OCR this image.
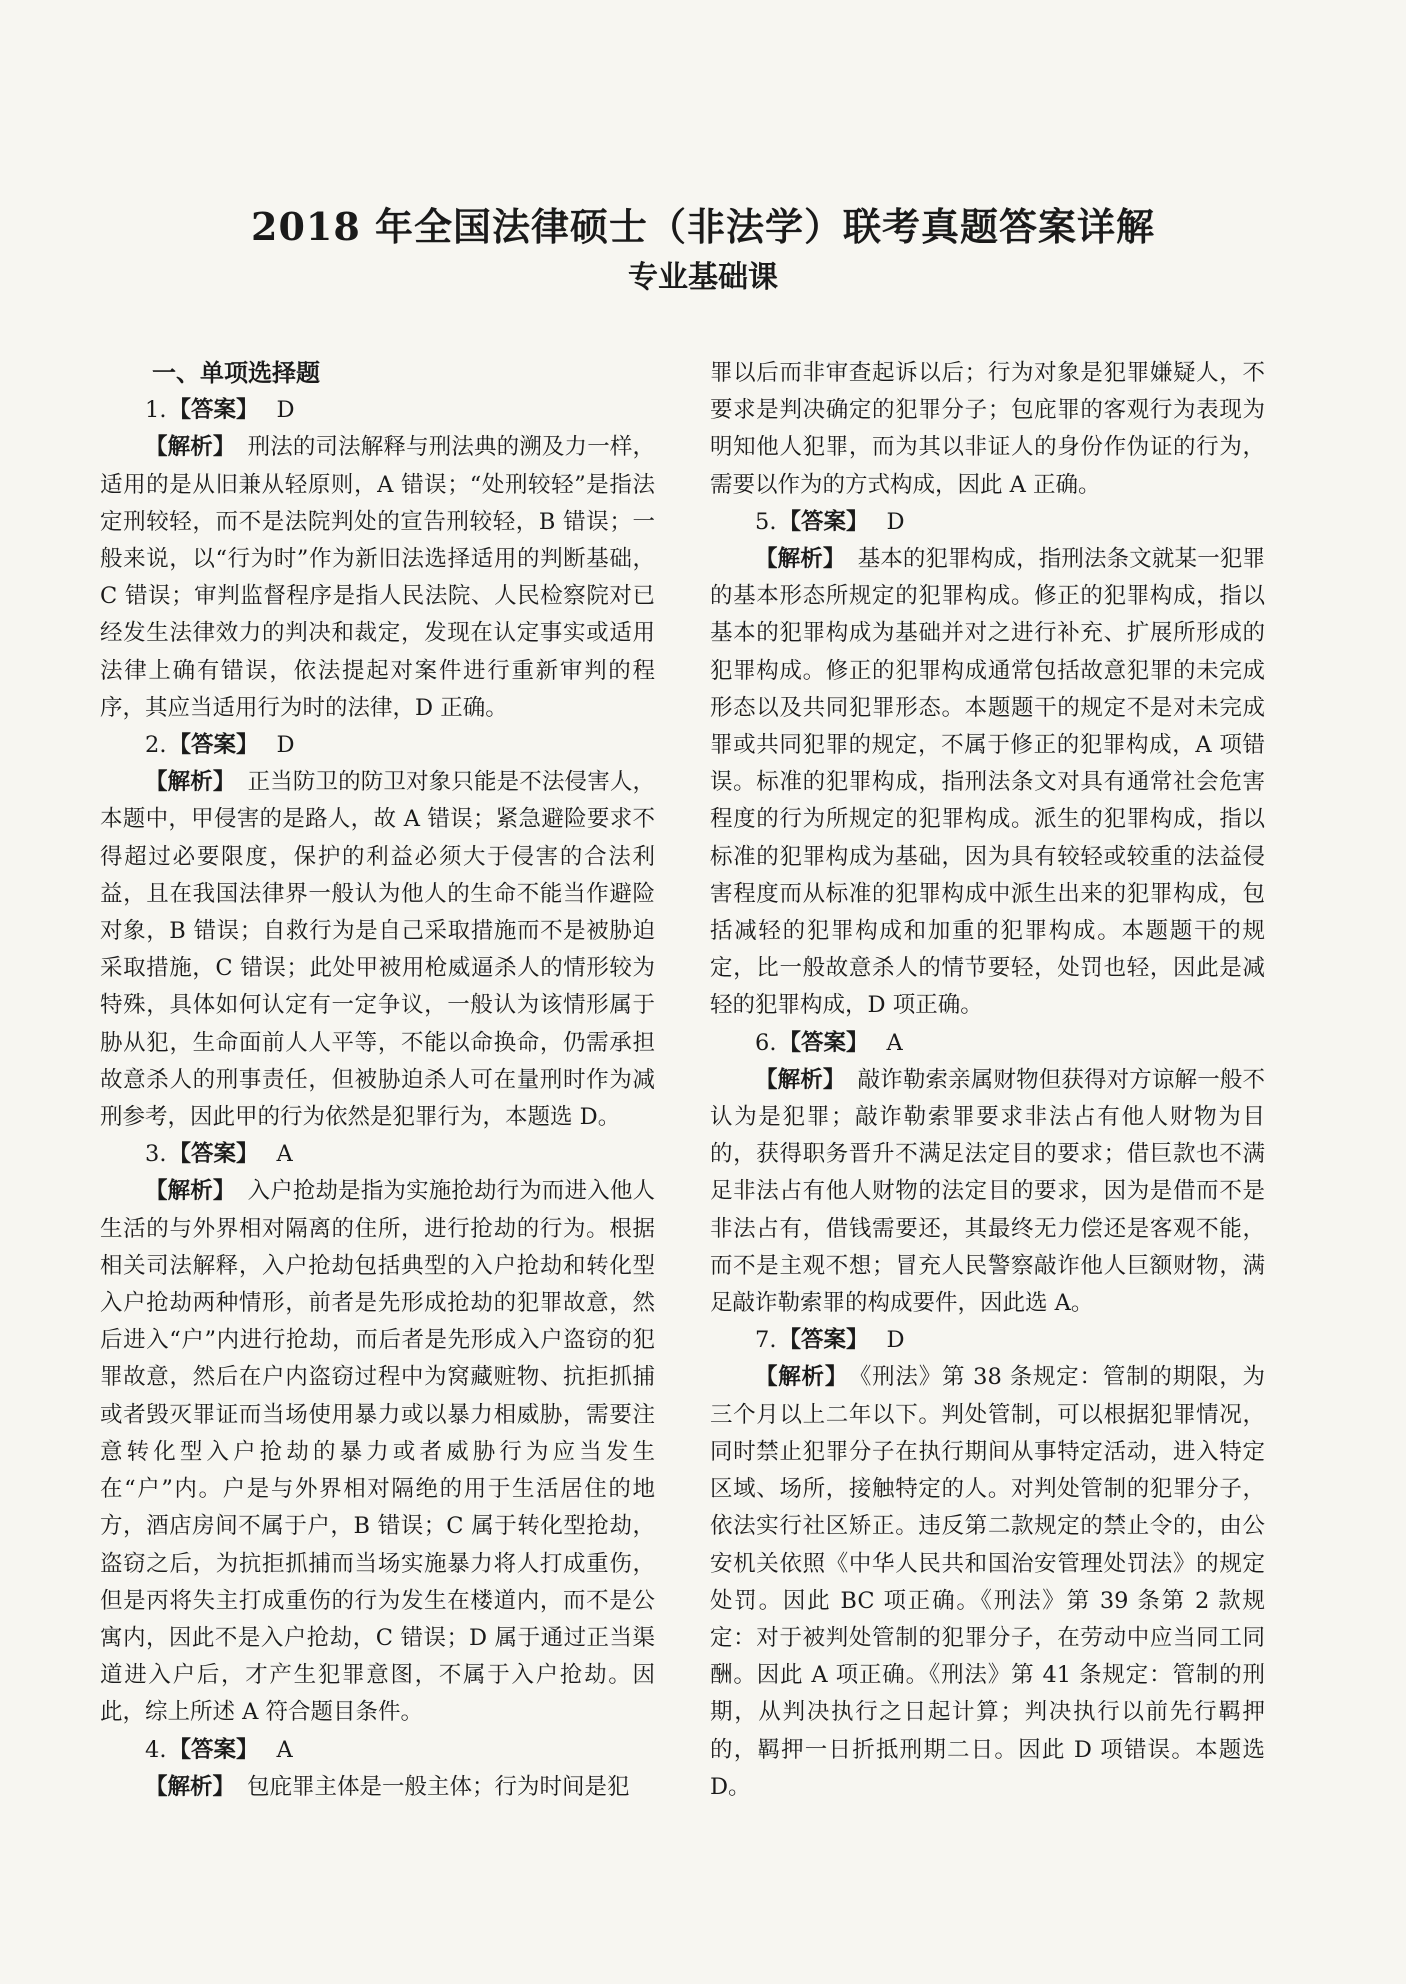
2018 年全国法律硕士（非法学）联考真题答案详解
专业基础课
一、单项选择题

1.【答案】 D

【解析】 刑法的司法解释与刑法典的溯及力一样，适用的是从旧兼从轻原则，A 错误；“处刑较轻”是指法定刑较轻，而不是法院判处的宣告刑较轻，B 错误；一般来说，以“行为时”作为新旧法选择适用的判断基础，C 错误；审判监督程序是指人民法院、人民检察院对已经发生法律效力的判决和裁定，发现在认定事实或适用法律上确有错误，依法提起对案件进行重新审判的程序，其应当适用行为时的法律，D 正确。

2.【答案】 D

【解析】 正当防卫的防卫对象只能是不法侵害人，本题中，甲侵害的是路人，故 A 错误；紧急避险要求不得超过必要限度，保护的利益必须大于侵害的合法利益，且在我国法律界一般认为他人的生命不能当作避险对象，B 错误；自救行为是自己采取措施而不是被胁迫采取措施，C 错误；此处甲被用枪威逼杀人的情形较为特殊，具体如何认定有一定争议，一般认为该情形属于胁从犯，生命面前人人平等，不能以命换命，仍需承担故意杀人的刑事责任，但被胁迫杀人可在量刑时作为减刑参考，因此甲的行为依然是犯罪行为，本题选 D。

3.【答案】 A

【解析】 入户抢劫是指为实施抢劫行为而进入他人生活的与外界相对隔离的住所，进行抢劫的行为。根据相关司法解释，入户抢劫包括典型的入户抢劫和转化型入户抢劫两种情形，前者是先形成抢劫的犯罪故意，然后进入“户”内进行抢劫，而后者是先形成入户盗窃的犯罪故意，然后在户内盗窃过程中为窝藏赃物、抗拒抓捕或者毁灭罪证而当场使用暴力或以暴力相威胁，需要注意转化型入户抢劫的暴力或者威胁行为应当发生在“户”内。户是与外界相对隔绝的用于生活居住的地方，酒店房间不属于户，B 错误；C 属于转化型抢劫，盗窃之后，为抗拒抓捕而当场实施暴力将人打成重伤，但是丙将失主打成重伤的行为发生在楼道内，而不是公寓内，因此不是入户抢劫，C 错误；D 属于通过正当渠道进入户后，才产生犯罪意图，不属于入户抢劫。因此，综上所述 A 符合题目条件。

4.【答案】 A

【解析】 包庇罪主体是一般主体；行为时间是犯

罪以后而非审查起诉以后；行为对象是犯罪嫌疑人，不要求是判决确定的犯罪分子；包庇罪的客观行为表现为明知他人犯罪，而为其以非证人的身份作伪证的行为，需要以作为的方式构成，因此 A 正确。

5.【答案】 D

【解析】 基本的犯罪构成，指刑法条文就某一犯罪的基本形态所规定的犯罪构成。修正的犯罪构成，指以基本的犯罪构成为基础并对之进行补充、扩展所形成的犯罪构成。修正的犯罪构成通常包括故意犯罪的未完成形态以及共同犯罪形态。本题题干的规定不是对未完成罪或共同犯罪的规定，不属于修正的犯罪构成，A 项错误。标准的犯罪构成，指刑法条文对具有通常社会危害程度的行为所规定的犯罪构成。派生的犯罪构成，指以标准的犯罪构成为基础，因为具有较轻或较重的法益侵害程度而从标准的犯罪构成中派生出来的犯罪构成，包括减轻的犯罪构成和加重的犯罪构成。本题题干的规定，比一般故意杀人的情节要轻，处罚也轻，因此是减轻的犯罪构成，D 项正确。

6.【答案】 A

【解析】 敲诈勒索亲属财物但获得对方谅解一般不认为是犯罪；敲诈勒索罪要求非法占有他人财物为目的，获得职务晋升不满足法定目的要求；借巨款也不满足非法占有他人财物的法定目的要求，因为是借而不是非法占有，借钱需要还，其最终无力偿还是客观不能，而不是主观不想；冒充人民警察敲诈他人巨额财物，满足敲诈勒索罪的构成要件，因此选 A。

7.【答案】 D

【解析】 《刑法》第 38 条规定：管制的期限，为三个月以上二年以下。判处管制，可以根据犯罪情况，同时禁止犯罪分子在执行期间从事特定活动，进入特定区域、场所，接触特定的人。对判处管制的犯罪分子，依法实行社区矫正。违反第二款规定的禁止令的，由公安机关依照《中华人民共和国治安管理处罚法》的规定处罚。因此 BC 项正确。《刑法》第 39 条第 2 款规定：对于被判处管制的犯罪分子，在劳动中应当同工同酬。因此 A 项正确。《刑法》第 41 条规定：管制的刑期，从判决执行之日起计算；判决执行以前先行羁押的，羁押一日折抵刑期二日。因此 D 项错误。本题选 D。
